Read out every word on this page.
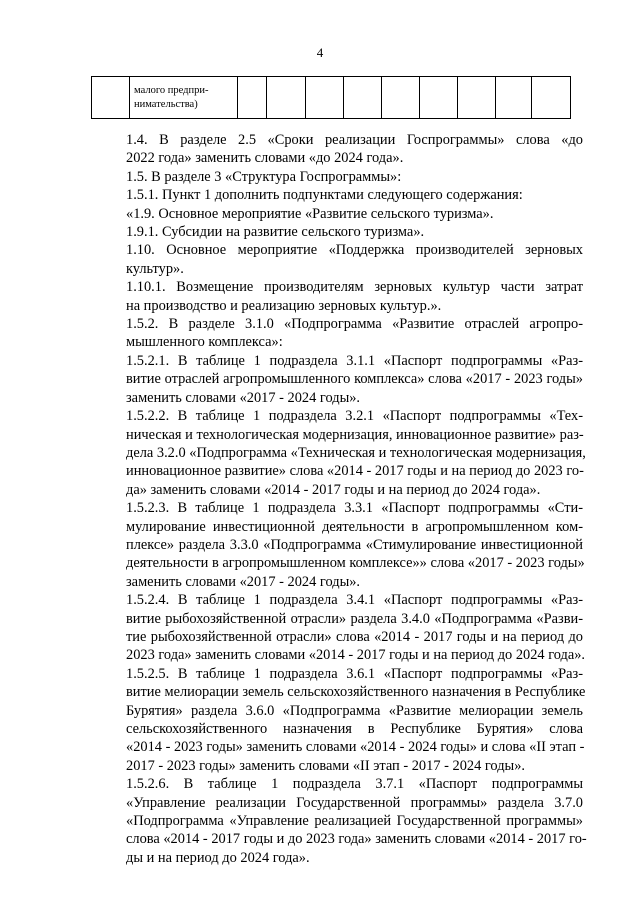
4

малого предпри-
нимательства)

1.4. В разделе 2.5 «Сроки реализации Госпрограммы» слова «до
2022 года» заменить словами «до 2024 года».

1.5. В разделе 3 «Структура Госпрограммы»:

1.5.1. Пункт 1 дополнить подпунктами следующего содержания:

«1.9. Основное мероприятие «Развитие сельского туризма».

1.9.1. Субсидии на развитие сельского туризма».

1.10. Основное мероприятие «Поддержка производителей зерновых
культур».

1.10.1. Возмещение производителям зерновых культур части затрат
на производство и реализацию зерновых культур.».

1.5.2. В разделе 3.1.0 «Подпрограмма «Развитие отраслей агропро-
мышленного комплекса»:

1.5.2.1. В таблице 1 подраздела 3.1.1 «Паспорт подпрограммы «Раз-
витие отраслей агропромышленного комплекса» слова «2017 - 2023 годы»
заменить словами «2017 - 2024 годы».

1.5.2.2. В таблице 1 подраздела 3.2.1 «Паспорт подпрограммы «Тех-
ническая и технологическая модернизация, инновационное развитие» раз-
дела 3.2.0 «Подпрограмма «Техническая и технологическая модернизация,
инновационное развитие» слова «2014 - 2017 годы и на период до 2023 го-
да» заменить словами «2014 - 2017 годы и на период до 2024 года».

1.5.2.3. В таблице 1 подраздела 3.3.1 «Паспорт подпрограммы «Сти-
мулирование инвестиционной деятельности в агропромышленном ком-
плексе» раздела 3.3.0 «Подпрограмма «Стимулирование инвестиционной
деятельности в агропромышленном комплексе»» слова «2017 - 2023 годы»
заменить словами «2017 - 2024 годы».

1.5.2.4. В таблице 1 подраздела 3.4.1 «Паспорт подпрограммы «Раз-
витие рыбохозяйственной отрасли» раздела 3.4.0 «Подпрограмма «Разви-
тие рыбохозяйственной отрасли» слова «2014 - 2017 годы и на период до
2023 года» заменить словами «2014 - 2017 годы и на период до 2024 года».

1.5.2.5. В таблице 1 подраздела 3.6.1 «Паспорт подпрограммы «Раз-
витие мелиорации земель сельскохозяйственного назначения в Республике
Бурятия» раздела 3.6.0 «Подпрограмма «Развитие мелиорации земель
сельскохозяйственного назначения в Республике Бурятия» слова
«2014 - 2023 годы» заменить словами «2014 - 2024 годы» и слова «II этап -
2017 - 2023 годы» заменить словами «II этап - 2017 - 2024 годы».

1.5.2.6. В таблице 1 подраздела 3.7.1 «Паспорт подпрограммы
«Управление реализации Государственной программы» раздела 3.7.0
«Подпрограмма «Управление реализацией Государственной программы»
слова «2014 - 2017 годы и до 2023 года» заменить словами «2014 - 2017 го-
ды и на период до 2024 года».
